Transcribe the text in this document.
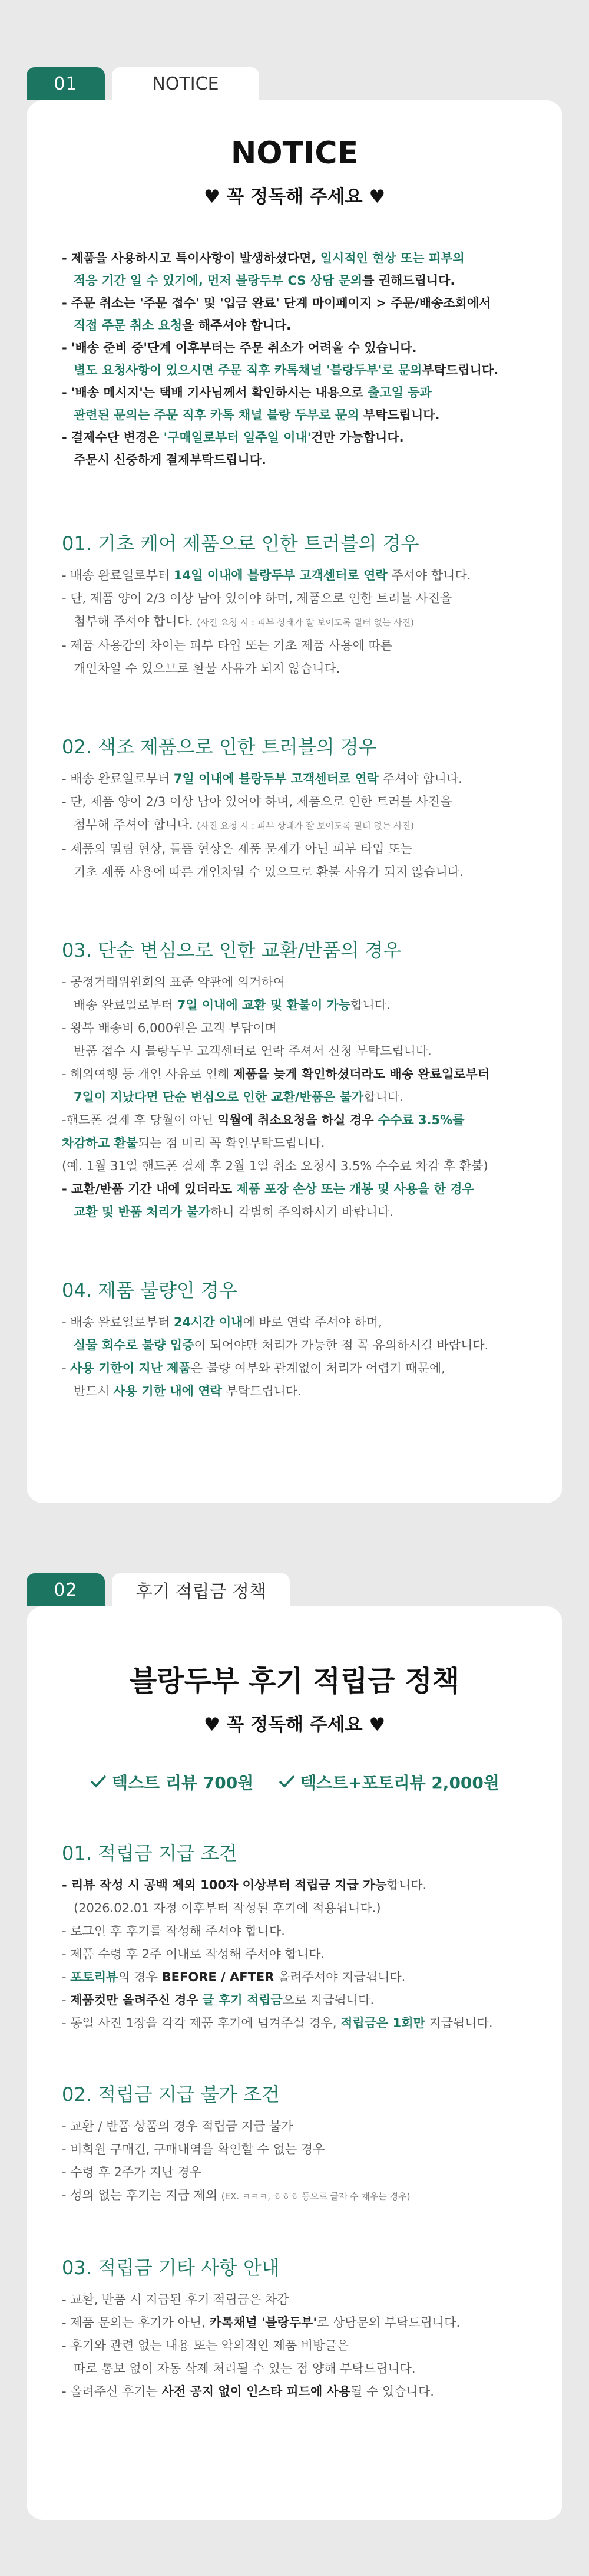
01	NOTICE
NOTICE

♥ 꼭 정독해 주세요 ♥

- 제품을 사용하시고 특이사항이 발생하셨다면, 일시적인 현상 또는 피부의
적응 기간 일 수 있기에, 먼저 블랑두부 CS 상담 문의를 권해드립니다.
- 주문 취소는 '주문 접수' 및 '입금 완료' 단계 마이페이지 > 주문/배송조회에서
직접 주문 취소 요청을 해주셔야 합니다.
- '배송 준비 중'단계 이후부터는 주문 취소가 어려울 수 있습니다.
별도 요청사항이 있으시면 주문 직후 카톡채널 '블랑두부'로 문의부탁드립니다.
- '배송 메시지'는 택배 기사님께서 확인하시는 내용으로 출고일 등과
관련된 문의는 주문 직후 카톡 채널 블랑 두부로 문의 부탁드립니다.
- 결제수단 변경은 '구매일로부터 일주일 이내'건만 가능합니다.
주문시 신중하게 결제부탁드립니다.
01. 기초 케어 제품으로 인한 트러블의 경우
- 배송 완료일로부터 14일 이내에 블랑두부 고객센터로 연락 주셔야 합니다.
- 단, 제품 양이 2/3 이상 남아 있어야 하며, 제품으로 인한 트러블 사진을
첨부해 주셔야 합니다. (사진 요청 시 : 피부 상태가 잘 보이도록 필터 없는 사진)
- 제품 사용감의 차이는 피부 타입 또는 기초 제품 사용에 따른
개인차일 수 있으므로 환불 사유가 되지 않습니다.
02. 색조 제품으로 인한 트러블의 경우
- 배송 완료일로부터 7일 이내에 블랑두부 고객센터로 연락 주셔야 합니다.
- 단, 제품 양이 2/3 이상 남아 있어야 하며, 제품으로 인한 트러블 사진을
첨부해 주셔야 합니다. (사진 요청 시 : 피부 상태가 잘 보이도록 필터 없는 사진)
- 제품의 밀림 현상, 들뜸 현상은 제품 문제가 아닌 피부 타입 또는
기초 제품 사용에 따른 개인차일 수 있으므로 환불 사유가 되지 않습니다.
03. 단순 변심으로 인한 교환/반품의 경우
- 공정거래위원회의 표준 약관에 의거하여
배송 완료일로부터 7일 이내에 교환 및 환불이 가능합니다.
- 왕복 배송비 6,000원은 고객 부담이며
반품 접수 시 블랑두부 고객센터로 연락 주셔서 신청 부탁드립니다.
- 해외여행 등 개인 사유로 인해 제품을 늦게 확인하셨더라도 배송 완료일로부터
7일이 지났다면 단순 변심으로 인한 교환/반품은 불가합니다.
-핸드폰 결제 후 당월이 아닌 익월에 취소요청을 하실 경우 수수료 3.5%를
차감하고 환불되는 점 미리 꼭 확인부탁드립니다.
(예. 1월 31일 핸드폰 결제 후 2월 1일 취소 요청시 3.5% 수수료 차감 후 환불)
- 교환/반품 기간 내에 있더라도 제품 포장 손상 또는 개봉 및 사용을 한 경우
교환 및 반품 처리가 불가하니 각별히 주의하시기 바랍니다.
04. 제품 불량인 경우
- 배송 완료일로부터 24시간 이내에 바로 연락 주셔야 하며,
실물 회수로 불량 입증이 되어야만 처리가 가능한 점 꼭 유의하시길 바랍니다.
- 사용 기한이 지난 제품은 불량 여부와 관계없이 처리가 어렵기 때문에,
반드시 사용 기한 내에 연락 부탁드립니다.
02	후기 적립금 정책
블랑두부 후기 적립금 정책

♥ 꼭 정독해 주세요 ♥

텍스트 리뷰 700원	텍스트+포토리뷰 2,000원
01. 적립금 지급 조건
- 리뷰 작성 시 공백 제외 100자 이상부터 적립금 지급 가능합니다.
(2026.02.01 자정 이후부터 작성된 후기에 적용됩니다.)
- 로그인 후 후기를 작성해 주셔야 합니다.
- 제품 수령 후 2주 이내로 작성해 주셔야 합니다.
- 포토리뷰의 경우 BEFORE / AFTER 올려주셔야 지급됩니다.
- 제품컷만 올려주신 경우 글 후기 적립금으로 지급됩니다.
- 동일 사진 1장을 각각 제품 후기에 넘겨주실 경우, 적립금은 1회만 지급됩니다.
02. 적립금 지급 불가 조건
- 교환 / 반품 상품의 경우 적립금 지급 불가
- 비회원 구매건, 구매내역을 확인할 수 없는 경우
- 수령 후 2주가 지난 경우
- 성의 없는 후기는 지급 제외 (EX. ㅋㅋㅋ, ㅎㅎㅎ 등으로 글자 수 채우는 경우)
03. 적립금 기타 사항 안내
- 교환, 반품 시 지급된 후기 적립금은 차감
- 제품 문의는 후기가 아닌, 카톡채널 '블랑두부'로 상담문의 부탁드립니다.
- 후기와 관련 없는 내용 또는 악의적인 제품 비방글은
따로 통보 없이 자동 삭제 처리될 수 있는 점 양해 부탁드립니다.
- 올려주신 후기는 사전 공지 없이 인스타 피드에 사용될 수 있습니다.
